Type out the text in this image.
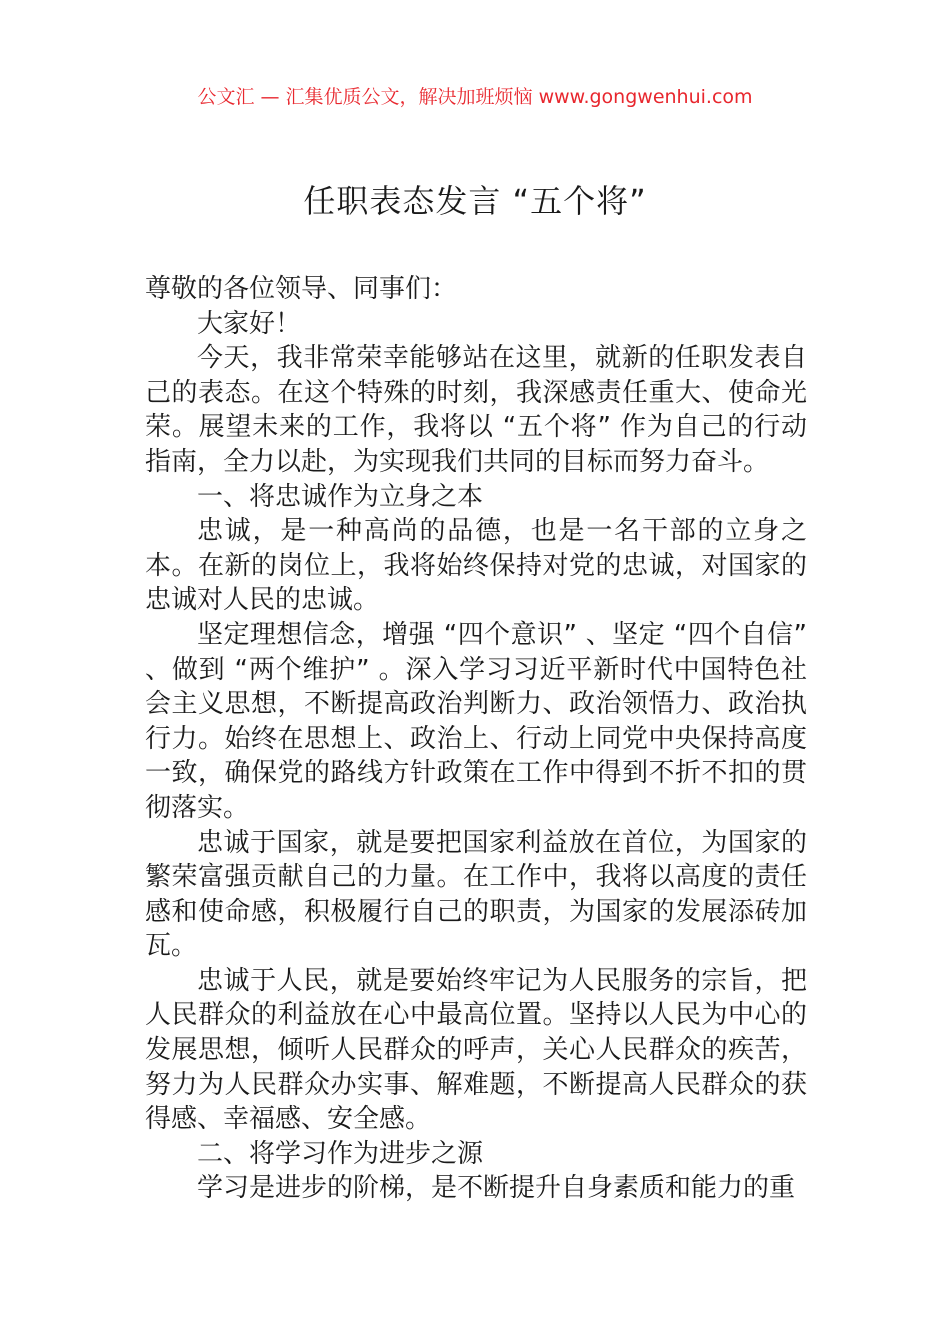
公文汇 — 汇集优质公文，解决加班烦恼 www.gongwenhui.com
任职表态发言 “五个将”

尊敬的各位领导、同事们：

大家好！

今天，我非常荣幸能够站在这里，就新的任职发表自己的表态。在这个特殊的时刻，我深感责任重大、使命光荣。展望未来的工作，我将以 “五个将” 作为自己的行动指南，全力以赴，为实现我们共同的目标而努力奋斗。

一、将忠诚作为立身之本

忠诚，是一种高尚的品德，也是一名干部的立身之本。在新的岗位上，我将始终保持对党的忠诚，对国家的忠诚对人民的忠诚。

坚定理想信念，增强 “四个意识” 、坚定 “四个自信” 、做到 “两个维护” 。深入学习习近平新时代中国特色社会主义思想，不断提高政治判断力、政治领悟力、政治执行力。始终在思想上、政治上、行动上同党中央保持高度一致，确保党的路线方针政策在工作中得到不折不扣的贯彻落实。

忠诚于国家，就是要把国家利益放在首位，为国家的繁荣富强贡献自己的力量。在工作中，我将以高度的责任感和使命感，积极履行自己的职责，为国家的发展添砖加瓦。

忠诚于人民，就是要始终牢记为人民服务的宗旨，把人民群众的利益放在心中最高位置。坚持以人民为中心的发展思想，倾听人民群众的呼声，关心人民群众的疾苦，努力为人民群众办实事、解难题，不断提高人民群众的获得感、幸福感、安全感。

二、将学习作为进步之源

学习是进步的阶梯，是不断提升自身素质和能力的重
